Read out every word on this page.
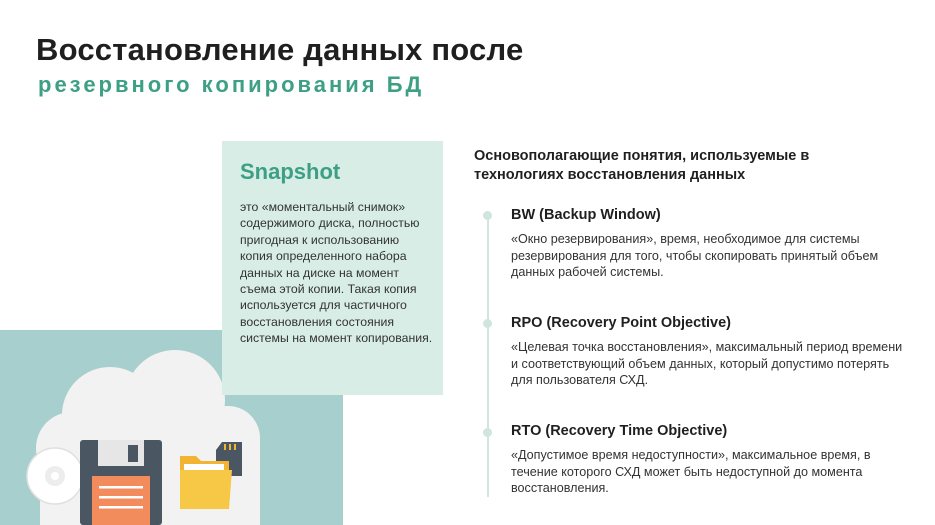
Восстановление данных после
резервного копирования БД
Snapshot
это «моментальный снимок» содержимого диска, полностью пригодная к использованию копия определенного набора данных на диске на момент съема этой копии. Такая копия используется для частичного восстановления состояния системы на момент копирования.
Основополагающие понятия, используемые в технологиях восстановления данных
BW (Backup Window)
«Окно резервирования», время, необходимое для системы резервирования для того, чтобы скопировать принятый объем данных рабочей системы.
RPO (Recovery Point Objective)
«Целевая точка восстановления», максимальный период времени и соответствующий объем данных, который допустимо потерять для пользователя СХД.
RTO (Recovery Time Objective)
«Допустимое время недоступности», максимальное время, в течение которого СХД может быть недоступной до момента восстановления.
